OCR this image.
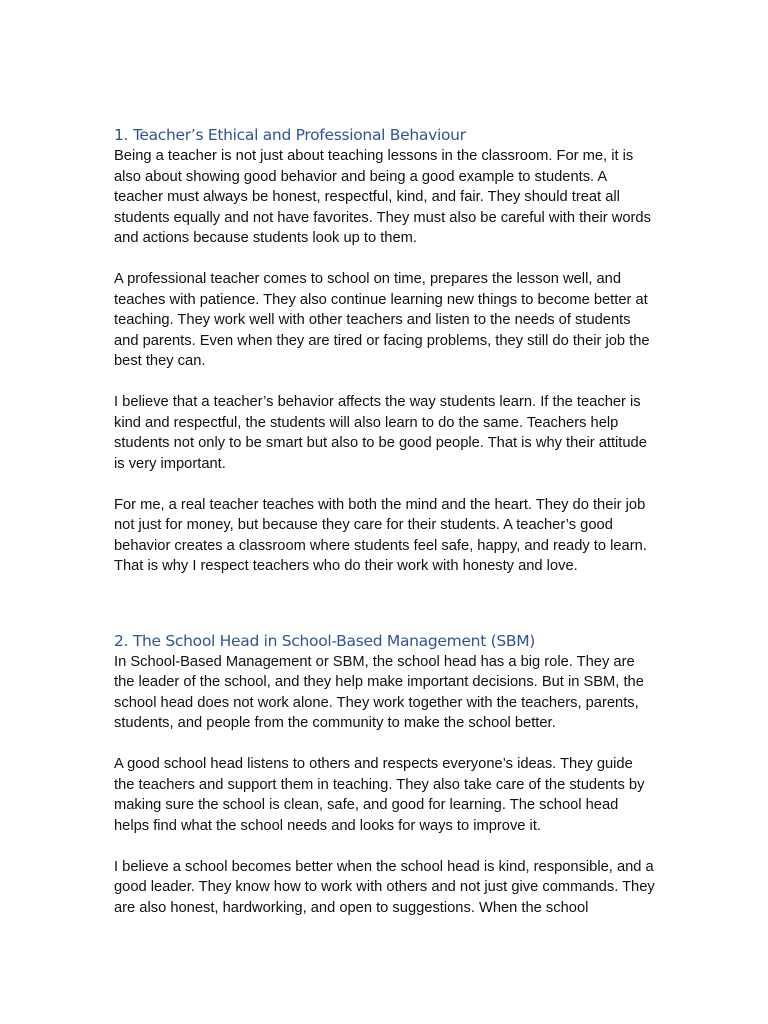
1. Teacher’s Ethical and Professional Behaviour

Being a teacher is not just about teaching lessons in the classroom. For me, it is also about showing good behavior and being a good example to students. A teacher must always be honest, respectful, kind, and fair. They should treat all students equally and not have favorites. They must also be careful with their words and actions because students look up to them.

A professional teacher comes to school on time, prepares the lesson well, and teaches with patience. They also continue learning new things to become better at teaching. They work well with other teachers and listen to the needs of students and parents. Even when they are tired or facing problems, they still do their job the best they can.

I believe that a teacher’s behavior affects the way students learn. If the teacher is kind and respectful, the students will also learn to do the same. Teachers help students not only to be smart but also to be good people. That is why their attitude is very important.

For me, a real teacher teaches with both the mind and the heart. They do their job not just for money, but because they care for their students. A teacher’s good behavior creates a classroom where students feel safe, happy, and ready to learn. That is why I respect teachers who do their work with honesty and love.

2. The School Head in School-Based Management (SBM)

In School-Based Management or SBM, the school head has a big role. They are the leader of the school, and they help make important decisions. But in SBM, the school head does not work alone. They work together with the teachers, parents, students, and people from the community to make the school better.

A good school head listens to others and respects everyone’s ideas. They guide the teachers and support them in teaching. They also take care of the students by making sure the school is clean, safe, and good for learning. The school head helps find what the school needs and looks for ways to improve it.

I believe a school becomes better when the school head is kind, responsible, and a good leader. They know how to work with others and not just give commands. They are also honest, hardworking, and open to suggestions. When the school
